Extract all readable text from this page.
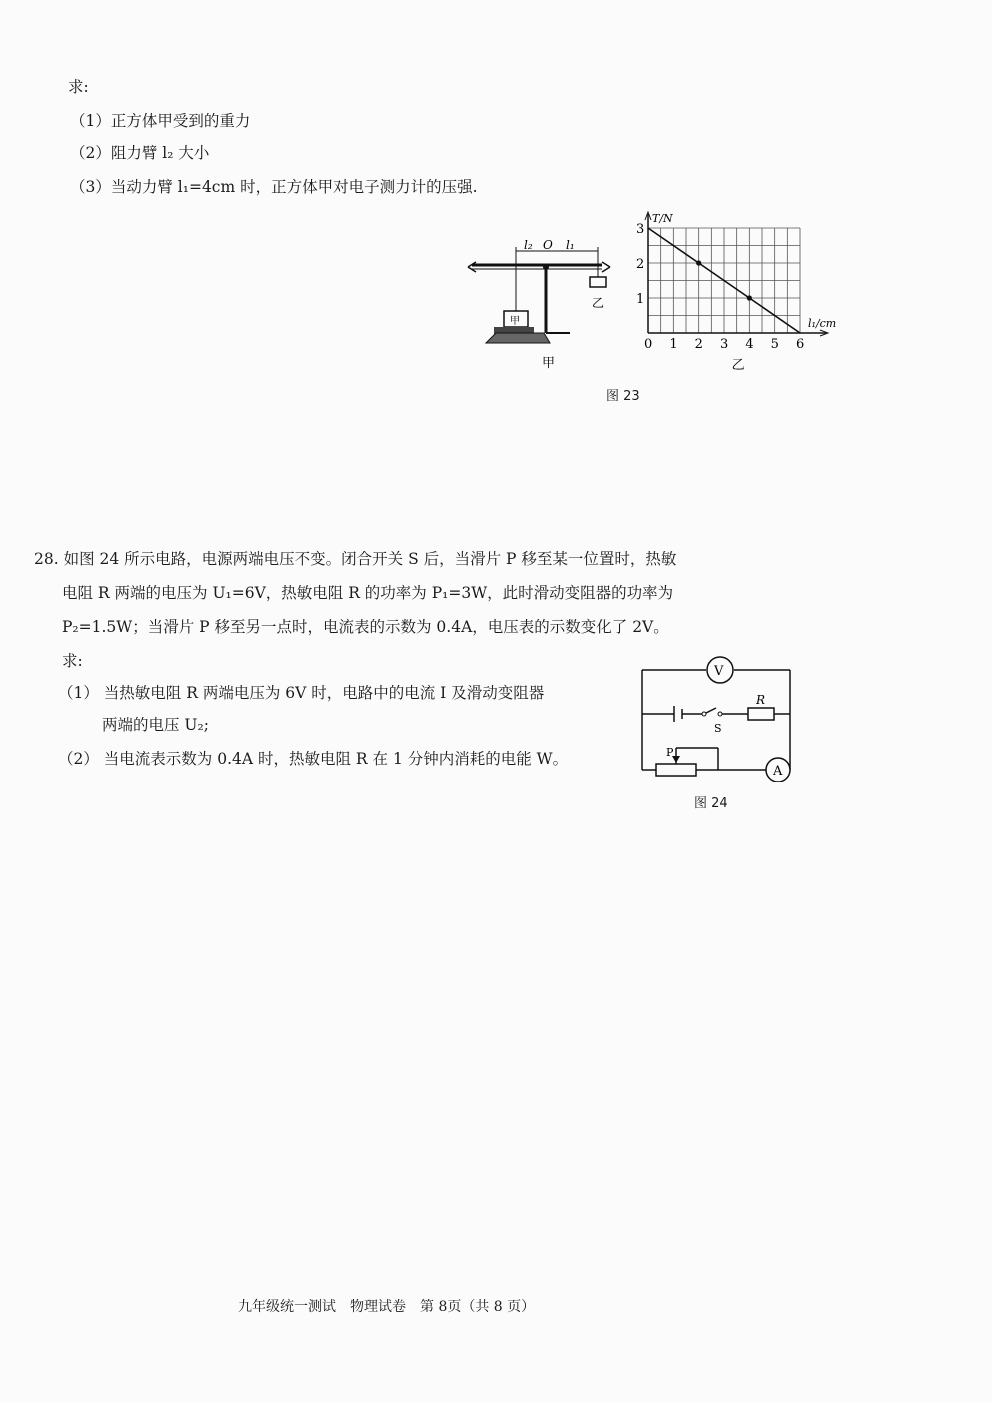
求:
（1）正方体甲受到的重力
（2）阻力臂 l₂ 大小
（3）当动力臂 l₁=4cm 时，正方体甲对电子测力计的压强.
l₂ O l₁
甲
乙
甲
0 1 2 3 4 5 6
1
2
3
T/N
l₁/cm
乙
图 23
28. 如图 24 所示电路，电源两端电压不变。闭合开关 S 后，当滑片 P 移至某一位置时，热敏
电阻 R 两端的电压为 U₁=6V，热敏电阻 R 的功率为 P₁=3W，此时滑动变阻器的功率为
P₂=1.5W；当滑片 P 移至另一点时，电流表的示数为 0.4A，电压表的示数变化了 2V。
求:
（1） 当热敏电阻 R 两端电压为 6V 时，电路中的电流 I 及滑动变阻器
两端的电压 U₂;
（2） 当电流表示数为 0.4A 时，热敏电阻 R 在 1 分钟内消耗的电能 W。
V
A
S
R
P
图 24
九年级统一测试　物理试卷　第 8页（共 8 页）
